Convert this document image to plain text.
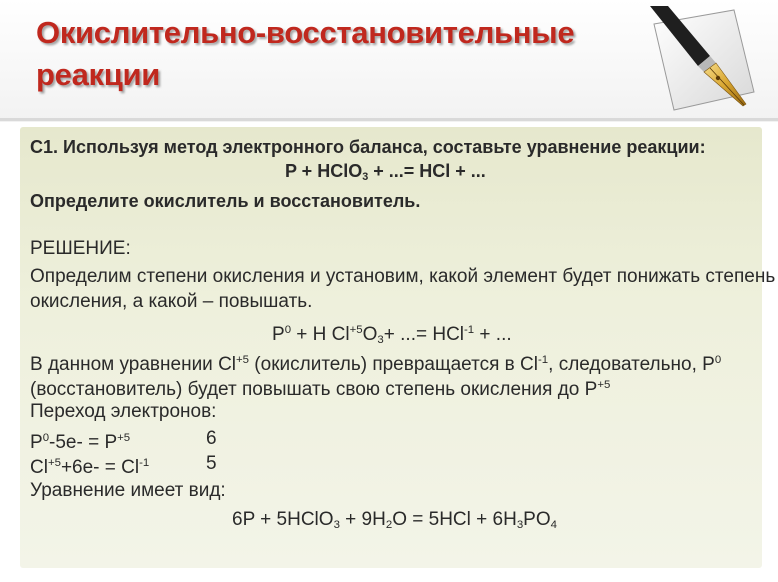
Окислительно-восстановительные
реакции
С1. Используя метод электронного баланса, составьте уравнение реакции:
P + HClO$_3$ + ...= HCl + ...
Определите окислитель и восстановитель.
РЕШЕНИЕ:
Определим степени окисления и установим, какой элемент будет понижать степень
окисления, а какой – повышать.
$P^0 + H$ $Cl^{+5}O_3+$ ...= HCl$^{-1}$ + ...
В данном уравнении $Cl^{+5}$ (окислитель) превращается в $Cl^{-1}$, следовательно, $P^0$
(восстановитель) будет повышать свою степень окисления до $P^{+5}$
Переход электронов:
$P^0-5e- = P^{+5}$	6
$Cl^{+5}+6e- = Cl^{-1}$	5
Уравнение имеет вид:
6P + 5HClO$_3$ + $9H_2O = 5HCl + 6H_3PO_4$
